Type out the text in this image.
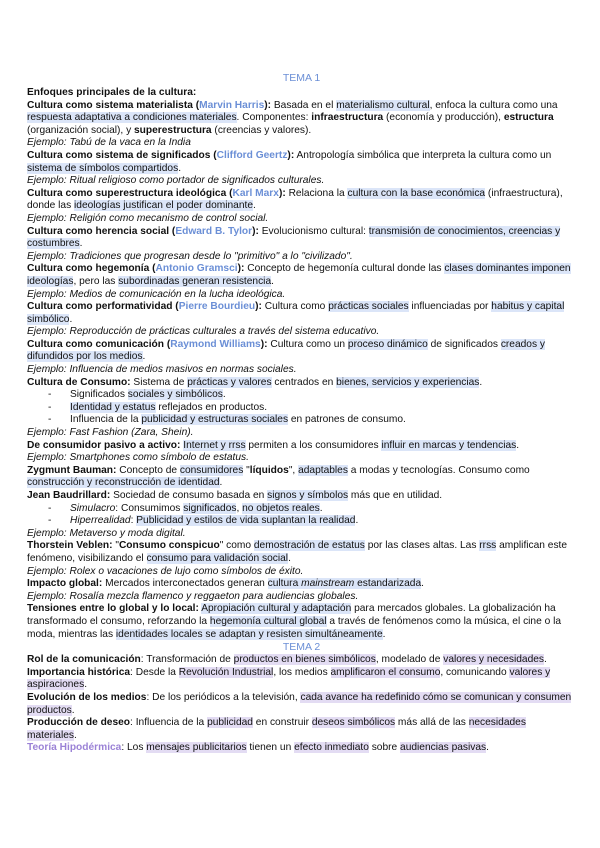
TEMA 1

Enfoques principales de la cultura:

Cultura como sistema materialista (Marvin Harris): Basada en el materialismo cultural, enfoca la cultura como una respuesta adaptativa a condiciones materiales. Componentes: infraestructura (economía y producción), estructura (organización social), y superestructura (creencias y valores).

Ejemplo: Tabú de la vaca en la India

Cultura como sistema de significados (Clifford Geertz): Antropología simbólica que interpreta la cultura como un sistema de símbolos compartidos.

Ejemplo: Ritual religioso como portador de significados culturales.

Cultura como superestructura ideológica (Karl Marx): Relaciona la cultura con la base económica (infraestructura), donde las ideologías justifican el poder dominante.

Ejemplo: Religión como mecanismo de control social.

Cultura como herencia social (Edward B. Tylor): Evolucionismo cultural: transmisión de conocimientos, creencias y costumbres.

Ejemplo: Tradiciones que progresan desde lo "primitivo" a lo "civilizado".

Cultura como hegemonía (Antonio Gramsci): Concepto de hegemonía cultural donde las clases dominantes imponen ideologías, pero las subordinadas generan resistencia.

Ejemplo: Medios de comunicación en la lucha ideológica.

Cultura como performatividad (Pierre Bourdieu): Cultura como prácticas sociales influenciadas por habitus y capital simbólico.

Ejemplo: Reproducción de prácticas culturales a través del sistema educativo.

Cultura como comunicación (Raymond Williams): Cultura como un proceso dinámico de significados creados y difundidos por los medios.

Ejemplo: Influencia de medios masivos en normas sociales.

Cultura de Consumo: Sistema de prácticas y valores centrados en bienes, servicios y experiencias.

- Significados sociales y simbólicos.
- Identidad y estatus reflejados en productos.
- Influencia de la publicidad y estructuras sociales en patrones de consumo.

Ejemplo: Fast Fashion (Zara, Shein).

De consumidor pasivo a activo: Internet y rrss permiten a los consumidores influir en marcas y tendencias.

Ejemplo: Smartphones como símbolo de estatus.

Zygmunt Bauman: Concepto de consumidores "líquidos", adaptables a modas y tecnologías. Consumo como construcción y reconstrucción de identidad.

Jean Baudrillard: Sociedad de consumo basada en signos y símbolos más que en utilidad.

- Simulacro: Consumimos significados, no objetos reales.
- Hiperrealidad: Publicidad y estilos de vida suplantan la realidad.

Ejemplo: Metaverso y moda digital.

Thorstein Veblen: "Consumo conspicuo" como demostración de estatus por las clases altas. Las rrss amplifican este fenómeno, visibilizando el consumo para validación social.

Ejemplo: Rolex o vacaciones de lujo como símbolos de éxito.

Impacto global: Mercados interconectados generan cultura mainstream estandarizada.

Ejemplo: Rosalía mezcla flamenco y reggaeton para audiencias globales.

Tensiones entre lo global y lo local: Apropiación cultural y adaptación para mercados globales. La globalización ha transformado el consumo, reforzando la hegemonía cultural global a través de fenómenos como la música, el cine o la moda, mientras las identidades locales se adaptan y resisten simultáneamente.

TEMA 2

Rol de la comunicación: Transformación de productos en bienes simbólicos, modelado de valores y necesidades.

Importancia histórica: Desde la Revolución Industrial, los medios amplificaron el consumo, comunicando valores y aspiraciones.

Evolución de los medios: De los periódicos a la televisión, cada avance ha redefinido cómo se comunican y consumen productos.

Producción de deseo: Influencia de la publicidad en construir deseos simbólicos más allá de las necesidades materiales.

Teoría Hipodérmica: Los mensajes publicitarios tienen un efecto inmediato sobre audiencias pasivas.
